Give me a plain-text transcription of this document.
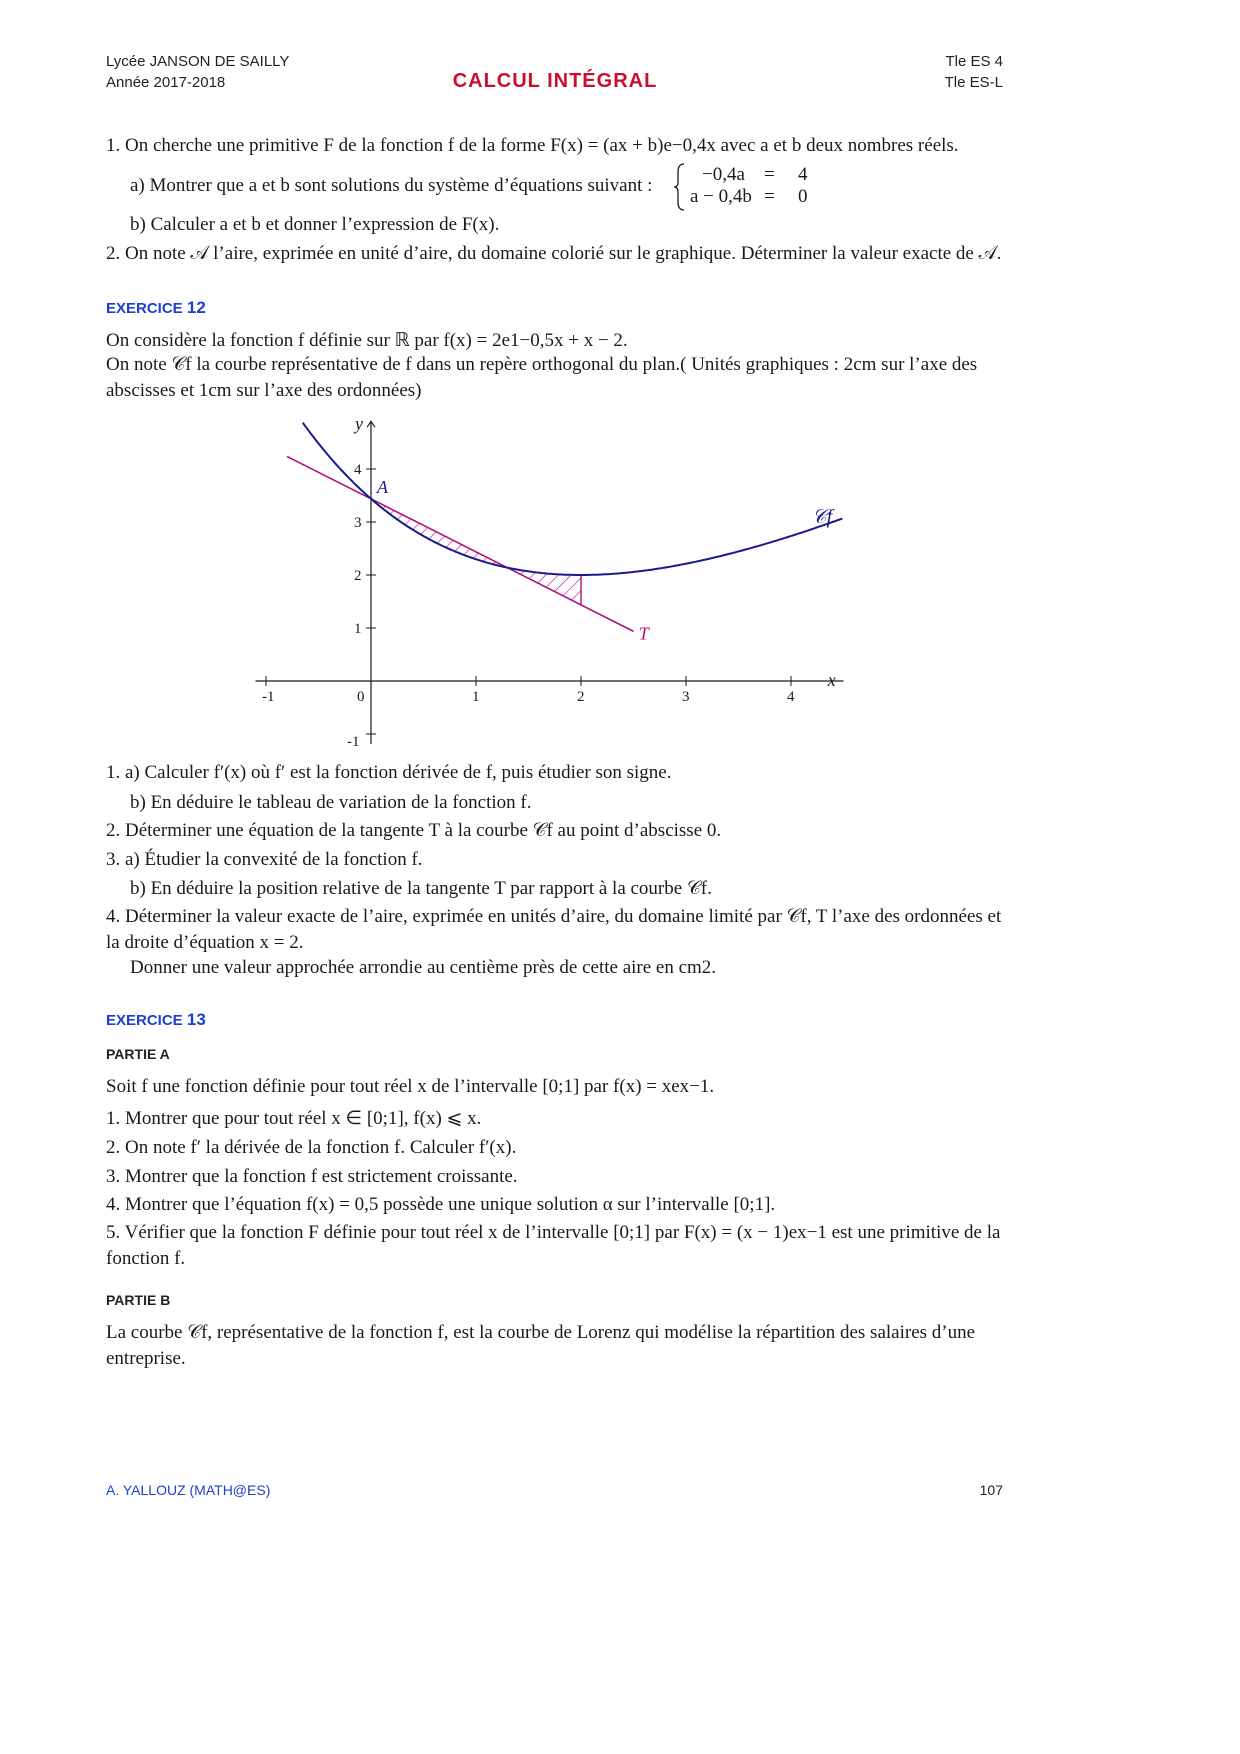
Lycée JANSON DE SAILLY
Année 2017-2018	CALCUL INTÉGRAL
Tle ES 4
Tle ES-L
1. On cherche une primitive F de la fonction f de la forme F(x) = (ax + b)e−0,4x avec a et b deux nombres réels.
a) Montrer que a et b sont solutions du système d’équations suivant :
−0,4a = 4
a − 0,4b = 0
b) Calculer a et b et donner l’expression de F(x).
2. On note 𝒜 l’aire, exprimée en unité d’aire, du domaine colorié sur le graphique. Déterminer la valeur exacte de 𝒜.
EXERCICE 12
On considère la fonction f définie sur ℝ par f(x) = 2e1−0,5x + x − 2.
On note 𝒞f la courbe représentative de f dans un repère orthogonal du plan.( Unités graphiques : 2cm sur l’axe des abscisses et 1cm sur l’axe des ordonnées)
-1	0	1	2	3	4
4
3
2
1
-1
y
x
A
𝒞f
T
1. a) Calculer f′(x) où f′ est la fonction dérivée de f, puis étudier son signe.
b) En déduire le tableau de variation de la fonction f.
2. Déterminer une équation de la tangente T à la courbe 𝒞f au point d’abscisse 0.
3. a) Étudier la convexité de la fonction f.
b) En déduire la position relative de la tangente T par rapport à la courbe 𝒞f.
4. Déterminer la valeur exacte de l’aire, exprimée en unités d’aire, du domaine limité par 𝒞f, T l’axe des ordonnées et la droite d’équation x = 2.
Donner une valeur approchée arrondie au centième près de cette aire en cm2.
EXERCICE 13
PARTIE A
Soit f une fonction définie pour tout réel x de l’intervalle [0;1] par f(x) = xex−1.
1. Montrer que pour tout réel x ∈ [0;1], f(x) ⩽ x.
2. On note f′ la dérivée de la fonction f. Calculer f′(x).
3. Montrer que la fonction f est strictement croissante.
4. Montrer que l’équation f(x) = 0,5 possède une unique solution α sur l’intervalle [0;1].
5. Vérifier que la fonction F définie pour tout réel x de l’intervalle [0;1] par F(x) = (x − 1)ex−1 est une primitive de la fonction f.
PARTIE B
La courbe 𝒞f, représentative de la fonction f, est la courbe de Lorenz qui modélise la répartition des salaires d’une entreprise.
A. YALLOUZ (MATH@ES)	107
